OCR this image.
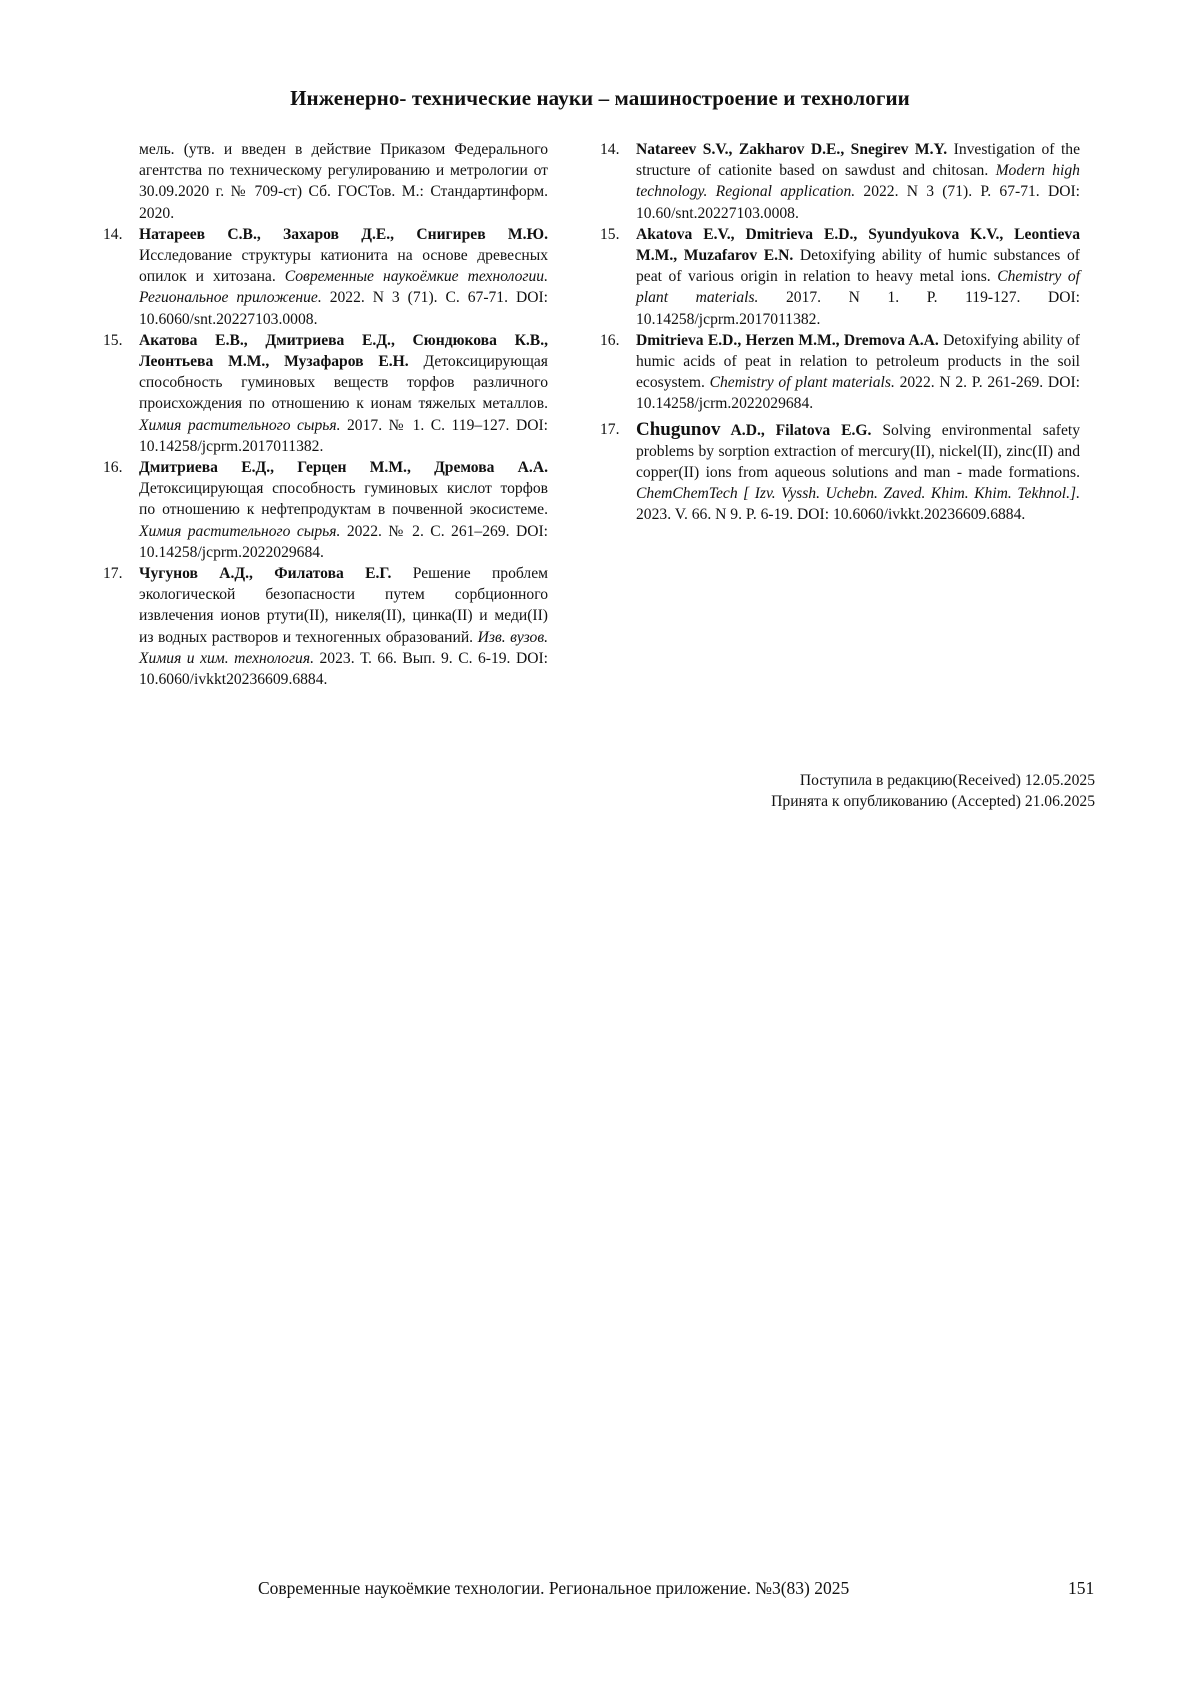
Инженерно- технические науки – машиностроение и технологии
мель. (утв. и введен в действие Приказом Федерального агентства по техническому регулированию и метрологии от 30.09.2020 г. № 709-ст) Сб. ГОСТов. М.: Стандартинформ. 2020.
14.	Натареев С.В., Захаров Д.Е., Снигирев М.Ю. Исследование структуры катионита на основе древесных опилок и хитозана. Современные наукоёмкие технологии. Региональное приложение. 2022. N 3 (71). С. 67-71. DOI: 10.6060/snt.20227103.0008.
15.	Акатова Е.В., Дмитриева Е.Д., Сюндюкова К.В., Леонтьева М.М., Музафаров Е.Н. Детоксицирующая способность гуминовых веществ торфов различного происхождения по отношению к ионам тяжелых металлов. Химия растительного сырья. 2017. № 1. С. 119–127. DOI: 10.14258/jcprm.2017011382.
16.	Дмитриева Е.Д., Герцен М.М., Дремова А.А. Детоксицирующая способность гуминовых кислот торфов по отношению к нефтепродуктам в почвенной экосистеме. Химия растительного сырья. 2022. № 2. С. 261–269. DOI: 10.14258/jcprm.2022029684.
17.	Чугунов А.Д., Филатова Е.Г. Решение проблем экологической безопасности путем сорбционного извлечения ионов ртути(II), никеля(II), цинка(II) и меди(II) из водных растворов и техногенных образований. Изв. вузов. Химия и хим. технология. 2023. Т. 66. Вып. 9. С. 6-19. DOI: 10.6060/ivkkt20236609.6884.
14.	Natareev S.V., Zakharov D.E., Snegirev M.Y. Investigation of the structure of cationite based on sawdust and chitosan. Modern high technology. Regional application. 2022. N 3 (71). P. 67-71. DOI: 10.60/snt.20227103.0008.
15.	Akatova E.V., Dmitrieva E.D., Syundyukova K.V., Leontieva M.M., Muzafarov E.N. Detoxifying ability of humic substances of peat of various origin in relation to heavy metal ions. Chemistry of plant materials. 2017. N 1. P. 119-127. DOI: 10.14258/jcprm.2017011382.
16.	Dmitrieva E.D., Herzen M.M., Dremova A.A. Detoxifying ability of humic acids of peat in relation to petroleum products in the soil ecosystem. Chemistry of plant materials. 2022. N 2. P. 261-269. DOI: 10.14258/jcrm.2022029684.
17. Chugunov A.D., Filatova E.G. Solving environmental safety problems by sorption extraction of mercury(II), nickel(II), zinc(II) and copper(II) ions from aqueous solutions and man - made formations. ChemChemTech [ Izv. Vyssh. Uchebn. Zaved. Khim. Khim. Tekhnol.]. 2023. V. 66. N 9. P. 6-19. DOI: 10.6060/ivkkt.20236609.6884.
Поступила в редакцию(Received) 12.05.2025
Принята к опубликованию (Accepted) 21.06.2025
Современные наукоёмкие технологии. Региональное приложение. №3(83) 2025	151
